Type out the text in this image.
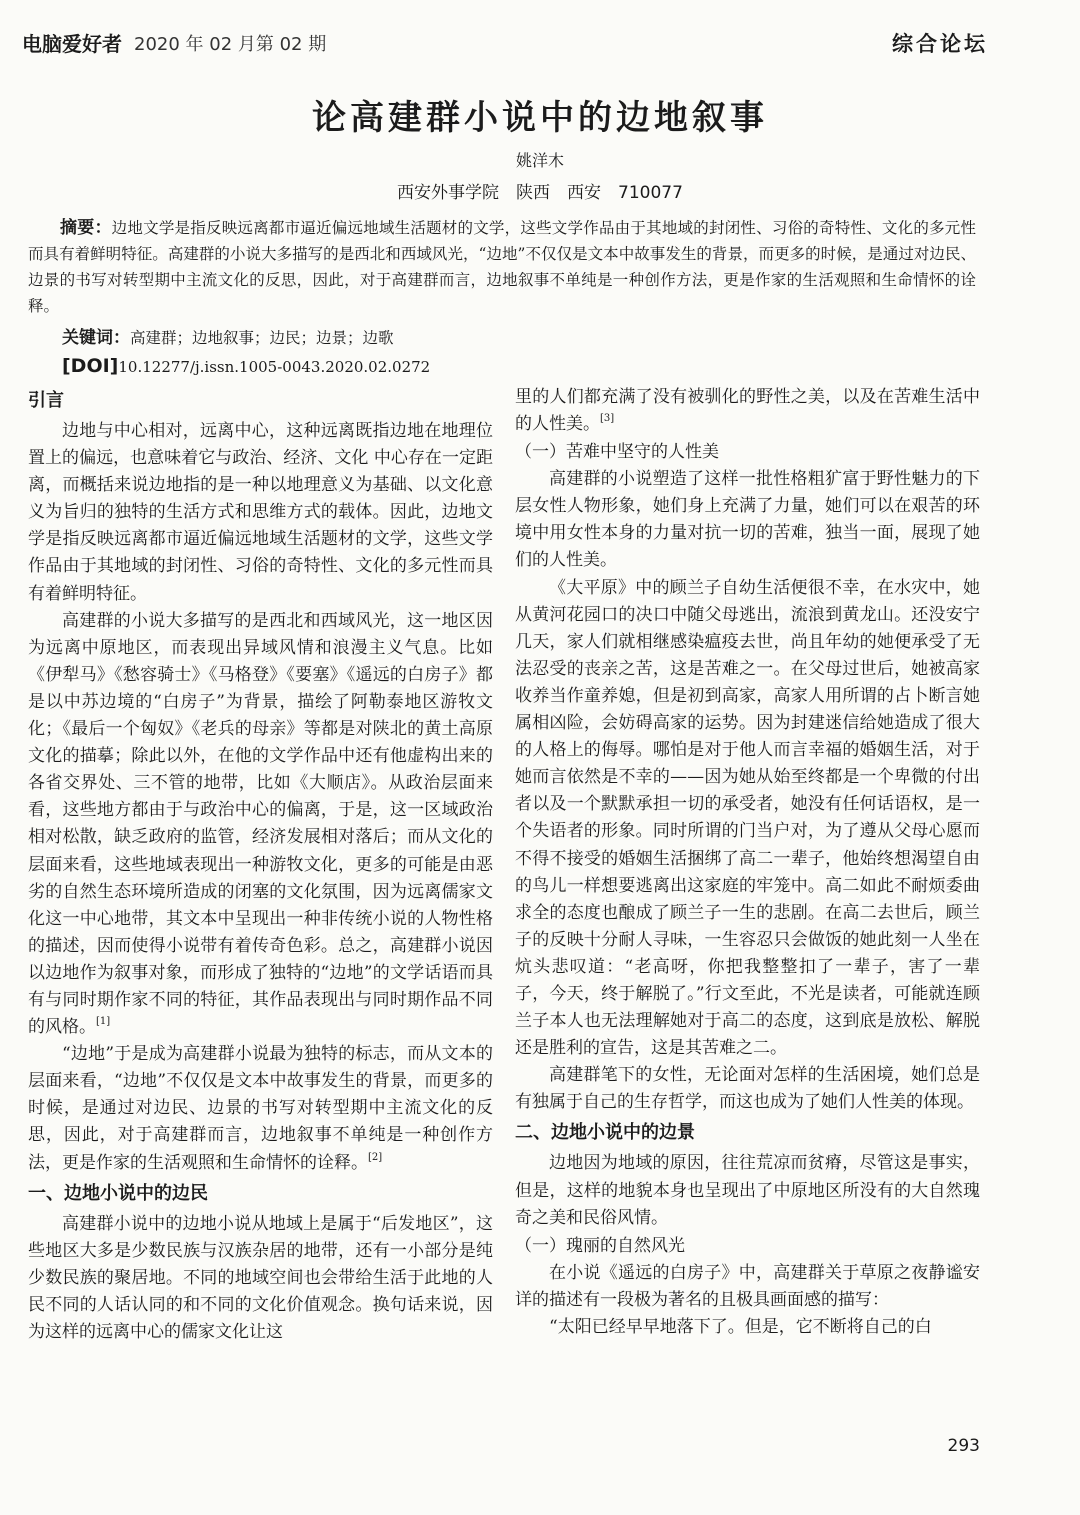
电脑爱好者 2020 年 02 月第 02 期	综合论坛
论高建群小说中的边地叙事
姚洋木
西安外事学院　陕西　西安　710077
摘要：边地文学是指反映远离都市逼近偏远地域生活题材的文学，这些文学作品由于其地域的封闭性、习俗的奇特性、文化的多元性而具有着鲜明特征。高建群的小说大多描写的是西北和西域风光，“边地”不仅仅是文本中故事发生的背景，而更多的时候，是通过对边民、边景的书写对转型期中主流文化的反思，因此，对于高建群而言，边地叙事不单纯是一种创作方法，更是作家的生活观照和生命情怀的诠释。
关键词：高建群；边地叙事；边民；边景；边歌
[DOI]10.12277/j.issn.1005-0043.2020.02.0272
引言

边地与中心相对，远离中心，这种远离既指边地在地理位置上的偏远，也意味着它与政治、经济、文化 中心存在一定距离，而概括来说边地指的是一种以地理意义为基础、以文化意义为旨归的独特的生活方式和思维方式的载体。因此，边地文学是指反映远离都市逼近偏远地域生活题材的文学，这些文学作品由于其地域的封闭性、习俗的奇特性、文化的多元性而具有着鲜明特征。

高建群的小说大多描写的是西北和西域风光，这一地区因为远离中原地区，而表现出异域风情和浪漫主义气息。比如《伊犁马》《愁容骑士》《马格登》《要塞》《遥远的白房子》都是以中苏边境的“白房子”为背景，描绘了阿勒泰地区游牧文化；《最后一个匈奴》《老兵的母亲》等都是对陕北的黄土高原文化的描摹；除此以外，在他的文学作品中还有他虚构出来的各省交界处、三不管的地带，比如《大顺店》。从政治层面来看，这些地方都由于与政治中心的偏离，于是，这一区域政治相对松散，缺乏政府的监管，经济发展相对落后；而从文化的层面来看，这些地域表现出一种游牧文化，更多的可能是由恶劣的自然生态环境所造成的闭塞的文化氛围，因为远离儒家文化这一中心地带，其文本中呈现出一种非传统小说的人物性格的描述，因而使得小说带有着传奇色彩。总之，高建群小说因以边地作为叙事对象，而形成了独特的“边地”的文学话语而具有与同时期作家不同的特征，其作品表现出与同时期作品不同的风格。[1]

“边地”于是成为高建群小说最为独特的标志，而从文本的层面来看，“边地”不仅仅是文本中故事发生的背景，而更多的时候，是通过对边民、边景的书写对转型期中主流文化的反思，因此，对于高建群而言，边地叙事不单纯是一种创作方法，更是作家的生活观照和生命情怀的诠释。[2]

一、边地小说中的边民

高建群小说中的边地小说从地域上是属于“后发地区”，这些地区大多是少数民族与汉族杂居的地带，还有一小部分是纯少数民族的聚居地。不同的地域空间也会带给生活于此地的人民不同的人话认同的和不同的文化价值观念。换句话来说，因为这样的远离中心的儒家文化让这

里的人们都充满了没有被驯化的野性之美，以及在苦难生活中的人性美。[3]

（一）苦难中坚守的人性美

高建群的小说塑造了这样一批性格粗犷富于野性魅力的下层女性人物形象，她们身上充满了力量，她们可以在艰苦的环境中用女性本身的力量对抗一切的苦难，独当一面，展现了她们的人性美。

《大平原》中的顾兰子自幼生活便很不幸，在水灾中，她从黄河花园口的决口中随父母逃出，流浪到黄龙山。还没安宁几天，家人们就相继感染瘟疫去世，尚且年幼的她便承受了无法忍受的丧亲之苦，这是苦难之一。在父母过世后，她被高家收养当作童养媳，但是初到高家，高家人用所谓的占卜断言她属相凶险，会妨碍高家的运势。因为封建迷信给她造成了很大的人格上的侮辱。哪怕是对于他人而言幸福的婚姻生活，对于她而言依然是不幸的——因为她从始至终都是一个卑微的付出者以及一个默默承担一切的承受者，她没有任何话语权，是一个失语者的形象。同时所谓的门当户对，为了遵从父母心愿而不得不接受的婚姻生活捆绑了高二一辈子，他始终想渴望自由的鸟儿一样想要逃离出这家庭的牢笼中。高二如此不耐烦委曲求全的态度也酿成了顾兰子一生的悲剧。在高二去世后，顾兰子的反映十分耐人寻味，一生容忍只会做饭的她此刻一人坐在炕头悲叹道：“老高呀，你把我整整扣了一辈子，害了一辈子，今天，终于解脱了。”行文至此，不光是读者，可能就连顾兰子本人也无法理解她对于高二的态度，这到底是放松、解脱还是胜利的宣告，这是其苦难之二。

高建群笔下的女性，无论面对怎样的生活困境，她们总是有独属于自己的生存哲学，而这也成为了她们人性美的体现。

二、边地小说中的边景

边地因为地域的原因，往往荒凉而贫瘠，尽管这是事实，但是，这样的地貌本身也呈现出了中原地区所没有的大自然瑰奇之美和民俗风情。

（一）瑰丽的自然风光

在小说《遥远的白房子》中，高建群关于草原之夜静谧安详的描述有一段极为著名的且极具画面感的描写：

“太阳已经早早地落下了。但是，它不断将自己的白

293
